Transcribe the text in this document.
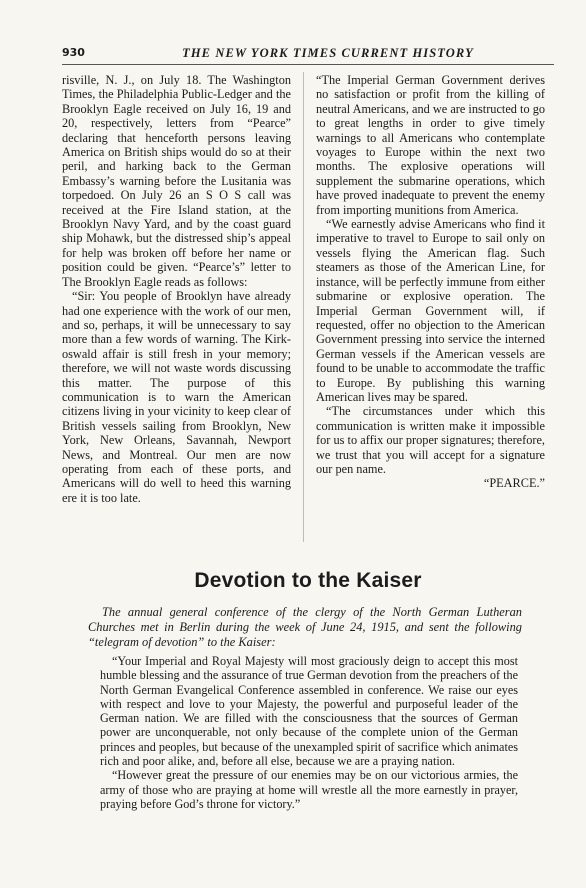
930	THE NEW YORK TIMES CURRENT HISTORY

risville, N. J., on July 18. The Washington Times, the Philadelphia Public-Ledger and the Brooklyn Eagle received on July 16, 19 and 20, respectively, letters from “Pearce” declaring that henceforth persons leaving America on British ships would do so at their peril, and harking back to the German Embassy’s warning before the Lusitania was torpedoed. On July 26 an S O S call was received at the Fire Island station, at the Brooklyn Navy Yard, and by the coast guard ship Mohawk, but the distressed ship’s appeal for help was broken off before her name or position could be given. “Pearce’s” letter to The Brooklyn Eagle reads as follows:

“Sir: You people of Brooklyn have already had one experience with the work of our men, and so, perhaps, it will be unnecessary to say more than a few words of warning. The Kirk-oswald affair is still fresh in your memory; therefore, we will not waste words discussing this matter. The purpose of this communication is to warn the American citizens living in your vicinity to keep clear of British vessels sailing from Brooklyn, New York, New Orleans, Savannah, Newport News, and Montreal. Our men are now operating from each of these ports, and Americans will do well to heed this warning ere it is too late.

“The Imperial German Government derives no satisfaction or profit from the killing of neutral Americans, and we are instructed to go to great lengths in order to give timely warnings to all Americans who contemplate voyages to Europe within the next two months. The explosive operations will supplement the submarine operations, which have proved inadequate to prevent the enemy from importing munitions from America.

“We earnestly advise Americans who find it imperative to travel to Europe to sail only on vessels flying the American flag. Such steamers as those of the American Line, for instance, will be perfectly immune from either submarine or explosive operation. The Imperial German Government will, if requested, offer no objection to the American Government pressing into service the interned German vessels if the American vessels are found to be unable to accommodate the traffic to Europe. By publishing this warning American lives may be spared.

“The circumstances under which this communication is written make it impossible for us to affix our proper signatures; therefore, we trust that you will accept for a signature our pen name.

“PEARCE.”

Devotion to the Kaiser

The annual general conference of the clergy of the North German Lutheran Churches met in Berlin during the week of June 24, 1915, and sent the following “telegram of devotion” to the Kaiser:

“Your Imperial and Royal Majesty will most graciously deign to accept this most humble blessing and the assurance of true German devotion from the preachers of the North German Evangelical Conference assembled in conference. We raise our eyes with respect and love to your Majesty, the powerful and purposeful leader of the German nation. We are filled with the consciousness that the sources of German power are unconquerable, not only because of the complete union of the German princes and peoples, but because of the unexampled spirit of sacrifice which animates rich and poor alike, and, before all else, because we are a praying nation.

“However great the pressure of our enemies may be on our victorious armies, the army of those who are praying at home will wrestle all the more earnestly in prayer, praying before God’s throne for victory.”
